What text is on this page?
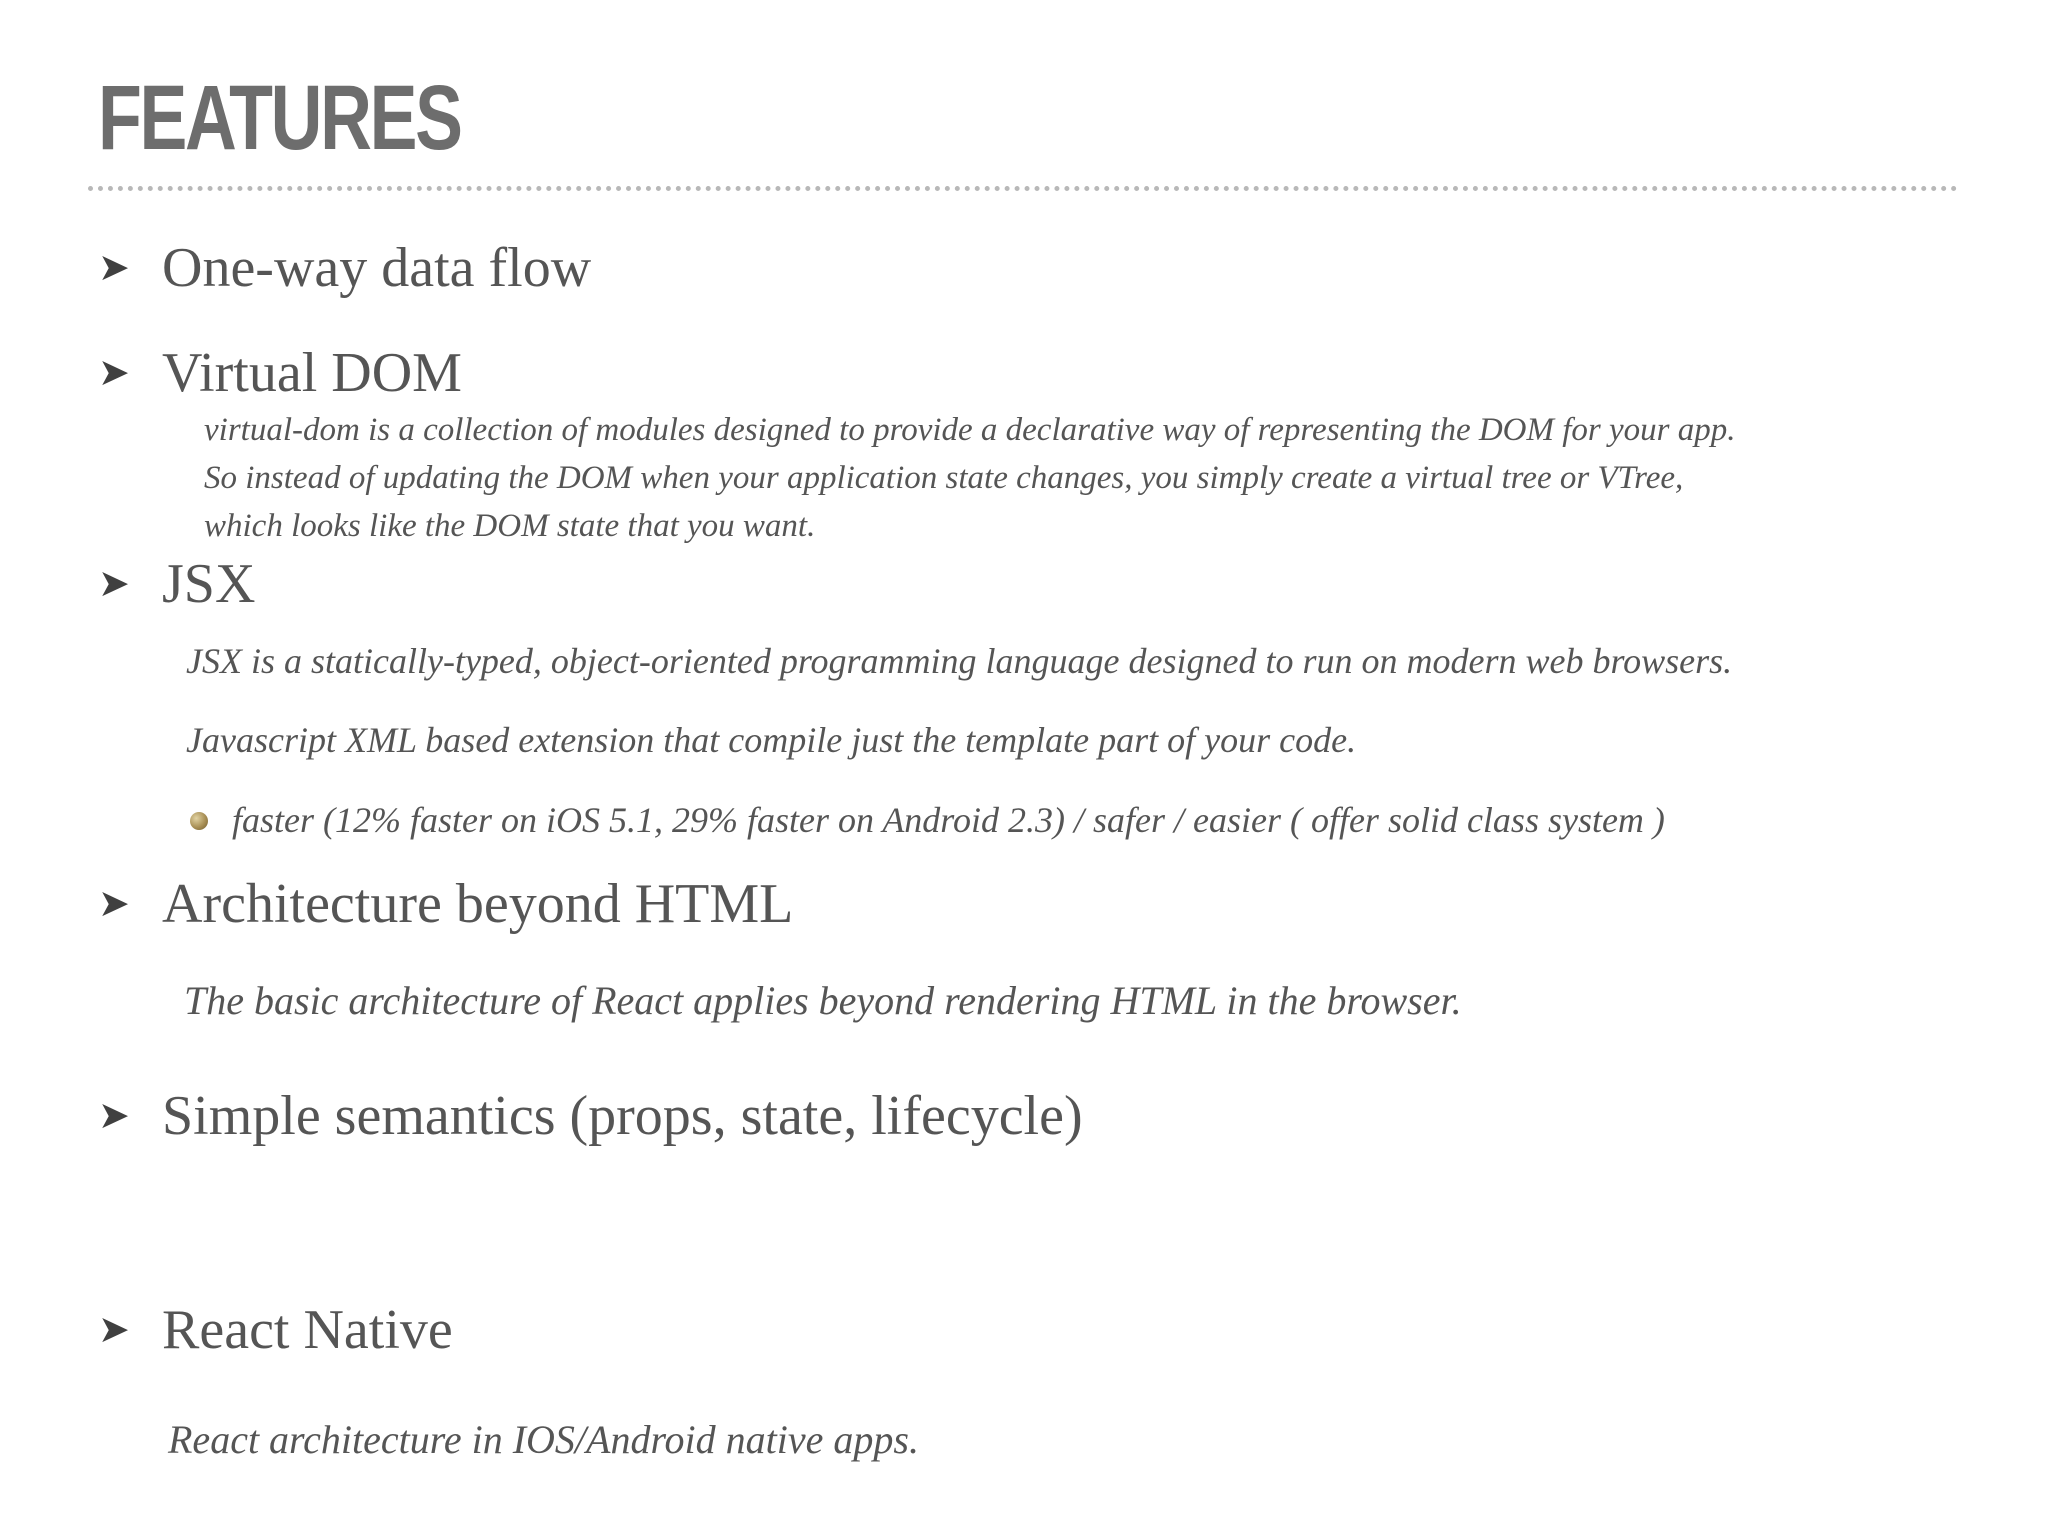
FEATURES
➤ One-way data flow
➤ Virtual DOM
virtual-dom is a collection of modules designed to provide a declarative way of representing the DOM for your app.
So instead of updating the DOM when your application state changes, you simply create a virtual tree or VTree,
which looks like the DOM state that you want.
➤ JSX
JSX is a statically-typed, object-oriented programming language designed to run on modern web browsers.
Javascript XML based extension that compile just the template part of your code.
faster (12% faster on iOS 5.1, 29% faster on Android 2.3) / safer / easier ( offer solid class system )
➤ Architecture beyond HTML
The basic architecture of React applies beyond rendering HTML in the browser.
➤ Simple semantics (props, state, lifecycle)
➤ React Native
React architecture in IOS/Android native apps.
